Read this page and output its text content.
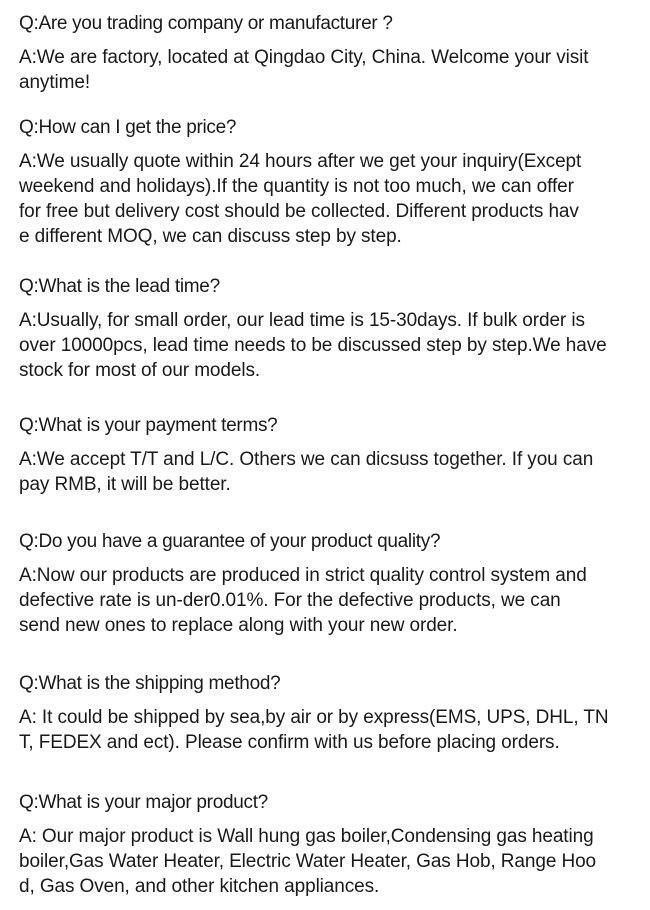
Q:Are you trading company or manufacturer ?

A:We are factory, located at Qingdao City, China. Welcome your visit
anytime!

Q:How can I get the price?

A:We usually quote within 24 hours after we get your inquiry(Except
weekend and holidays).If the quantity is not too much, we can offer
for free but delivery cost should be collected. Different products hav
e different MOQ, we can discuss step by step.

Q:What is the lead time?

A:Usually, for small order, our lead time is 15-30days. If bulk order is
over 10000pcs, lead time needs to be discussed step by step.We have
stock for most of our models.

Q:What is your payment terms?

A:We accept T/T and L/C. Others we can dicsuss together. If you can
pay RMB, it will be better.

Q:Do you have a guarantee of your product quality?

A:Now our products are produced in strict quality control system and
defective rate is un-der0.01%. For the defective products, we can
send new ones to replace along with your new order.

Q:What is the shipping method?

A: It could be shipped by sea,by air or by express(EMS, UPS, DHL, TN
T, FEDEX and ect). Please confirm with us before placing orders.

Q:What is your major product?

A: Our major product is Wall hung gas boiler,Condensing gas heating
boiler,Gas Water Heater, Electric Water Heater, Gas Hob, Range Hoo
d, Gas Oven, and other kitchen appliances.
